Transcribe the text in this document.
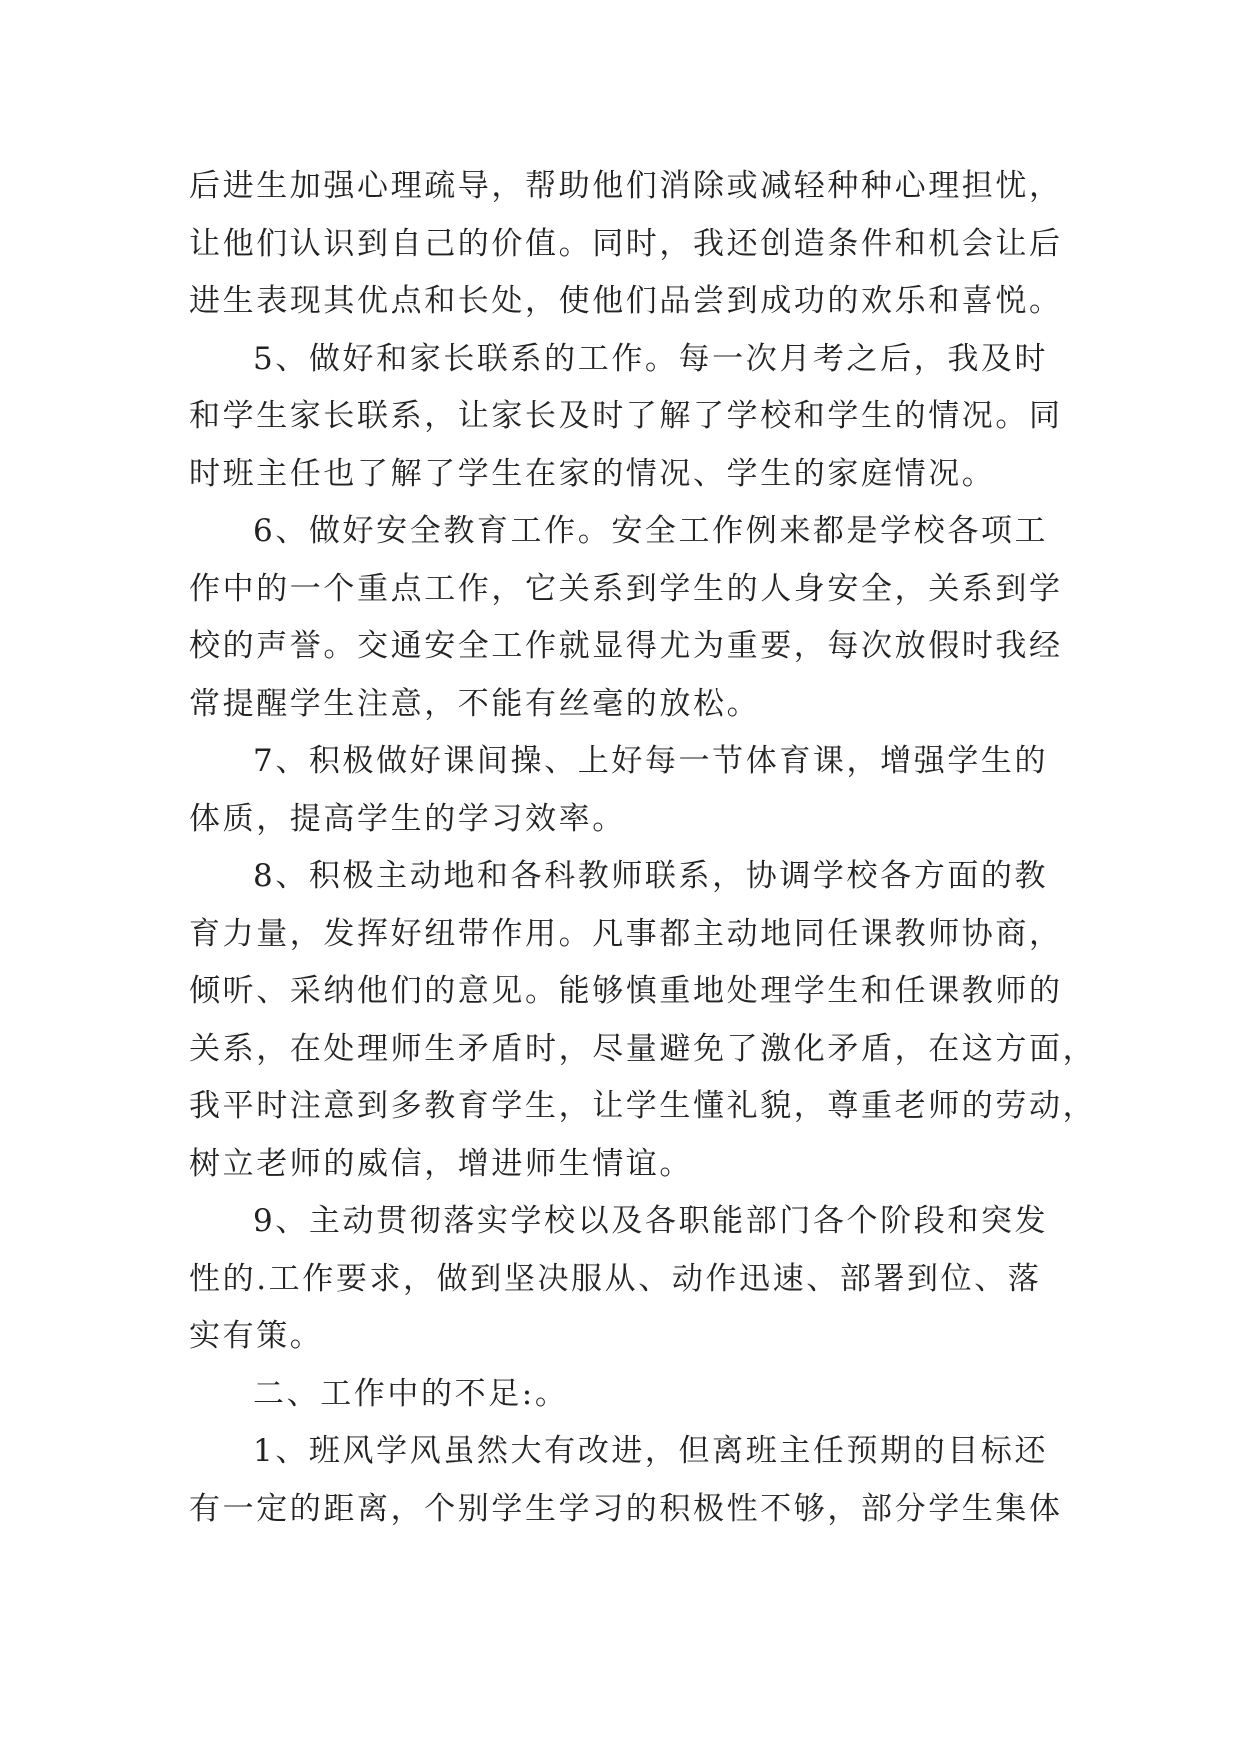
后进生加强心理疏导，帮助他们消除或减轻种种心理担忧，
让他们认识到自己的价值。同时，我还创造条件和机会让后
进生表现其优点和长处，使他们品尝到成功的欢乐和喜悦。
5、做好和家长联系的工作。每一次月考之后，我及时
和学生家长联系，让家长及时了解了学校和学生的情况。同
时班主任也了解了学生在家的情况、学生的家庭情况。
6、做好安全教育工作。安全工作例来都是学校各项工
作中的一个重点工作，它关系到学生的人身安全，关系到学
校的声誉。交通安全工作就显得尤为重要，每次放假时我经
常提醒学生注意，不能有丝毫的放松。
7、积极做好课间操、上好每一节体育课，增强学生的
体质，提高学生的学习效率。
8、积极主动地和各科教师联系，协调学校各方面的教
育力量，发挥好纽带作用。凡事都主动地同任课教师协商，
倾听、采纳他们的意见。能够慎重地处理学生和任课教师的
关系，在处理师生矛盾时，尽量避免了激化矛盾，在这方面，
我平时注意到多教育学生，让学生懂礼貌，尊重老师的劳动，
树立老师的威信，增进师生情谊。
9、主动贯彻落实学校以及各职能部门各个阶段和突发
性的.工作要求，做到坚决服从、动作迅速、部署到位、落
实有策。
二、工作中的不足:。
1、班风学风虽然大有改进，但离班主任预期的目标还
有一定的距离，个别学生学习的积极性不够，部分学生集体
